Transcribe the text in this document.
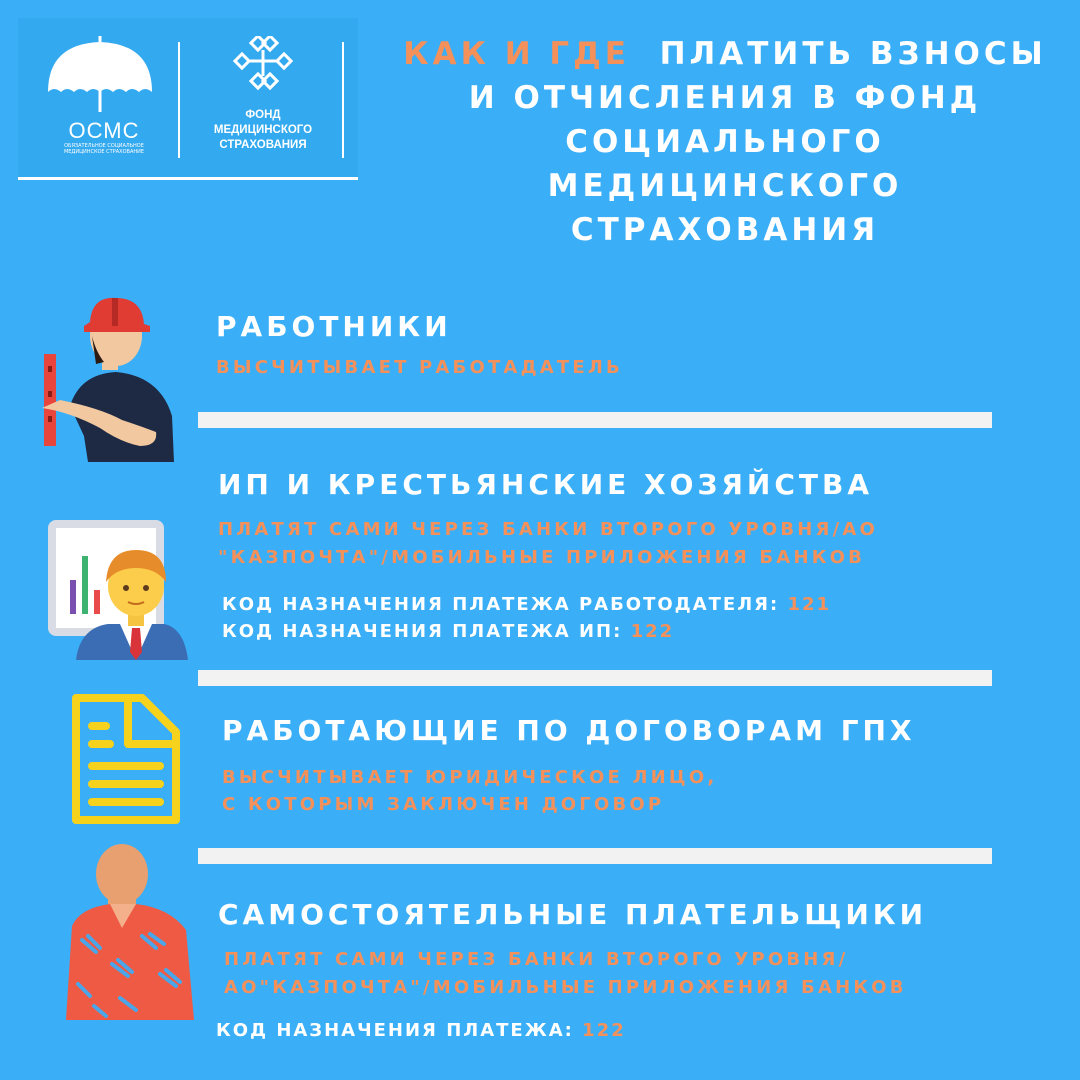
ОСМС
ОБЯЗАТЕЛЬНОЕ СОЦИАЛЬНОЕ МЕДИЦИНСКОЕ СТРАХОВАНИЕ
ФОНД
МЕДИЦИНСКОГО
СТРАХОВАНИЯ
КАК И ГДЕ ПЛАТИТЬ ВЗНОСЫ
И ОТЧИСЛЕНИЯ В ФОНД
СОЦИАЛЬНОГО
МЕДИЦИНСКОГО
СТРАХОВАНИЯ
РАБОТНИКИ
ВЫСЧИТЫВАЕТ РАБОТАДАТЕЛЬ
ИП И КРЕСТЬЯНСКИЕ ХОЗЯЙСТВА
ПЛАТЯТ САМИ ЧЕРЕЗ БАНКИ ВТОРОГО УРОВНЯ/АО
"КАЗПОЧТА"/МОБИЛЬНЫЕ ПРИЛОЖЕНИЯ БАНКОВ
КОД НАЗНАЧЕНИЯ ПЛАТЕЖА РАБОТОДАТЕЛЯ: 121
КОД НАЗНАЧЕНИЯ ПЛАТЕЖА ИП: 122
РАБОТАЮЩИЕ ПО ДОГОВОРАМ ГПХ
ВЫСЧИТЫВАЕТ ЮРИДИЧЕСКОЕ ЛИЦО,
С КОТОРЫМ ЗАКЛЮЧЕН ДОГОВОР
САМОСТОЯТЕЛЬНЫЕ ПЛАТЕЛЬЩИКИ
ПЛАТЯТ САМИ ЧЕРЕЗ БАНКИ ВТОРОГО УРОВНЯ/
АО"КАЗПОЧТА"/МОБИЛЬНЫЕ ПРИЛОЖЕНИЯ БАНКОВ
КОД НАЗНАЧЕНИЯ ПЛАТЕЖА: 122
